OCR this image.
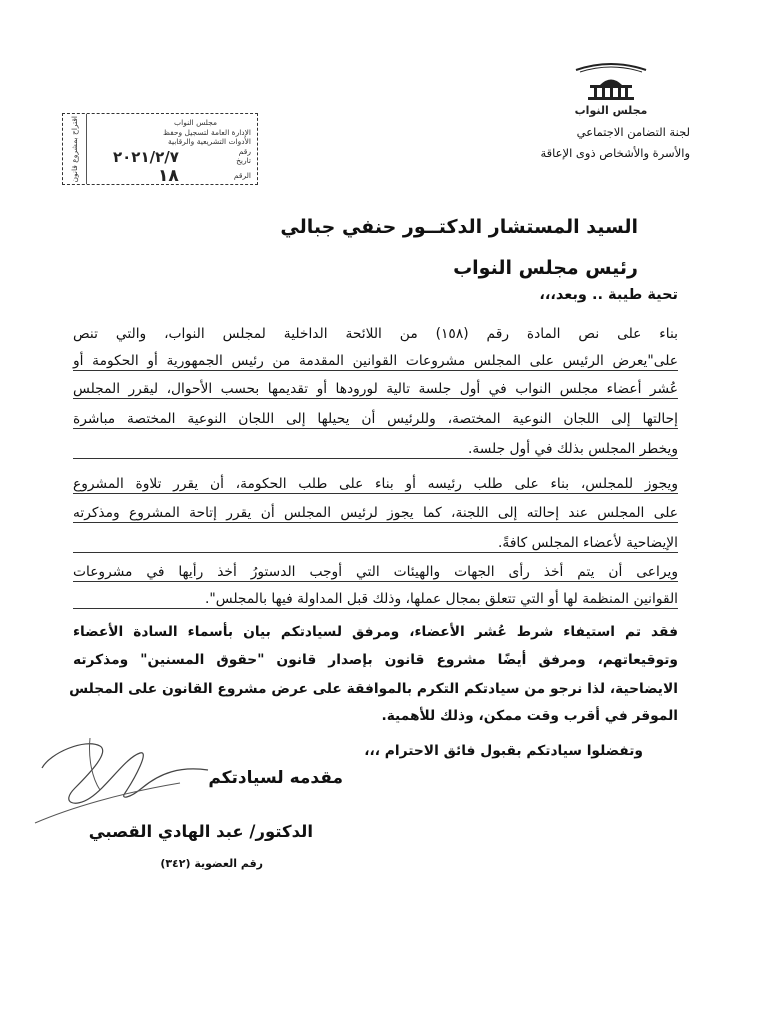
مجلس النواب
لجنة التضامن الاجتماعي
والأسرة والأشخاص ذوى الإعاقة
اقتراح بمشروع قانون	مجلس النواب
الإدارة العامة لتسجيل وحفظ
الأدوات التشريعية والرقابية
رقم
تاريخ
٢٠٢١/٢/٧
الرقم
١٨
السيد المستشار الدكتــور حنفي جبالي
رئيس مجلس النواب
تحية طيبة .. وبعد،،،

بناء على نص المادة رقم (١٥٨) من اللائحة الداخلية لمجلس النواب، والتي تنص

على"يعرض الرئيس على المجلس مشروعات القوانين المقدمة من رئيس الجمهورية أو الحكومة أو

عُشر أعضاء مجلس النواب في أول جلسة تالية لورودها أو تقديمها بحسب الأحوال، ليقرر المجلس

إحالتها إلى اللجان النوعية المختصة، وللرئيس أن يحيلها إلى اللجان النوعية المختصة مباشرة

ويخطر المجلس بذلك في أول جلسة.

ويجوز للمجلس، بناء على طلب رئيسه أو بناء على طلب الحكومة، أن يقرر تلاوة المشروع

على المجلس عند إحالته إلى اللجنة، كما يجوز لرئيس المجلس أن يقرر إتاحة المشروع ومذكرته

الإيضاحية لأعضاء المجلس كافةً.

ويراعى أن يتم أخذ رأى الجهات والهيئات التي أوجب الدستورُ أخذ رأيها في مشروعات

القوانين المنظمة لها أو التي تتعلق بمجال عملها، وذلك قبل المداولة فيها بالمجلس".

فقد تم استيفاء شرط عُشر الأعضاء، ومرفق لسيادتكم بيان بأسماء السادة الأعضاء

وتوقيعاتهم، ومرفق أيضًا مشروع قانون بإصدار قانون "حقوق المسنين" ومذكرته

الايضاحية، لذا نرجو من سيادتكم التكرم بالموافقة على عرض مشروع القانون على المجلس

الموقر في أقرب وقت ممكن، وذلك للأهمية.

وتفضلوا سيادتكم بقبول فائق الاحترام ،،،
مقدمه لسيادتكم
الدكتور/ عبد الهادي القصبي
رقم العضوية (٣٤٢)
